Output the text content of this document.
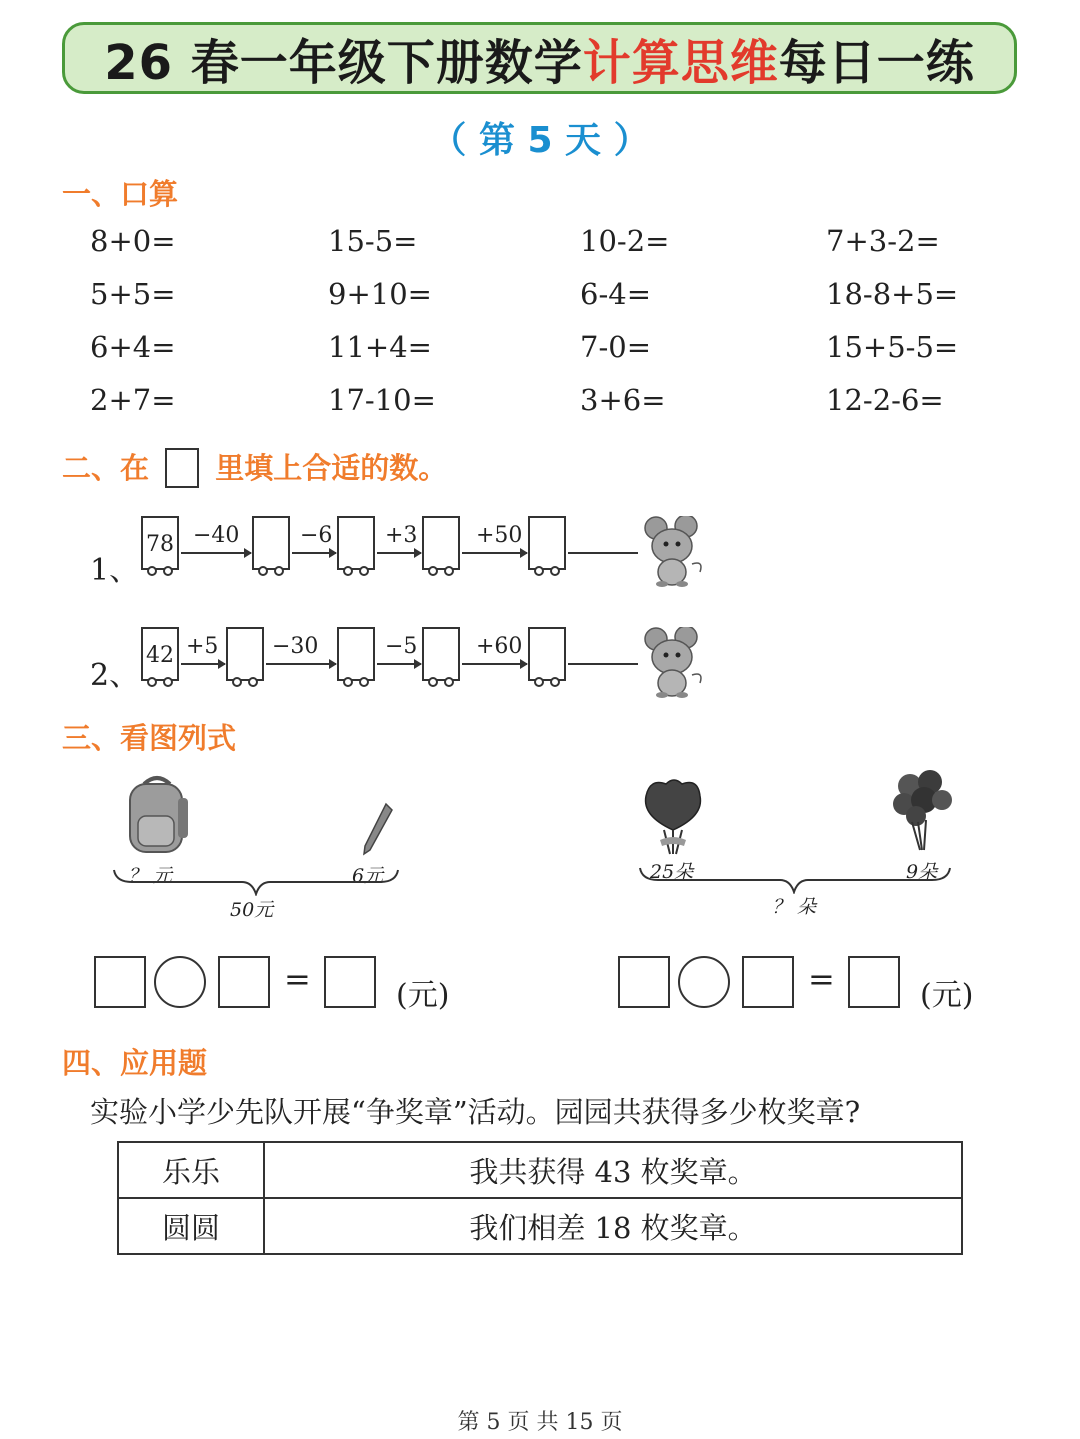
26 春一年级下册数学 计算思维 每日一练
（ 第 5 天 ）
一、口算
8+0=	15-5=	10-2=	7+3-2=
5+5=	9+10=	6-4=	18-8+5=
6+4=	11+4=	7-0=	15+5-5=
2+7=	17-10=	3+6=	12-2-6=
二、在 里填上合适的数。
1、
78 −40	−6 +3	+50
2、
42 +5 −30	−5	+60
三、看图列式
？ 元	6元
50元
25朵	9朵
？ 朵
=	(元)	=	(元)
四、应用题
实验小学少先队开展“争奖章”活动。园园共获得多少枚奖章?
乐乐	我共获得 43 枚奖章。
圆圆	我们相差 18 枚奖章。
第 5 页 共 15 页
